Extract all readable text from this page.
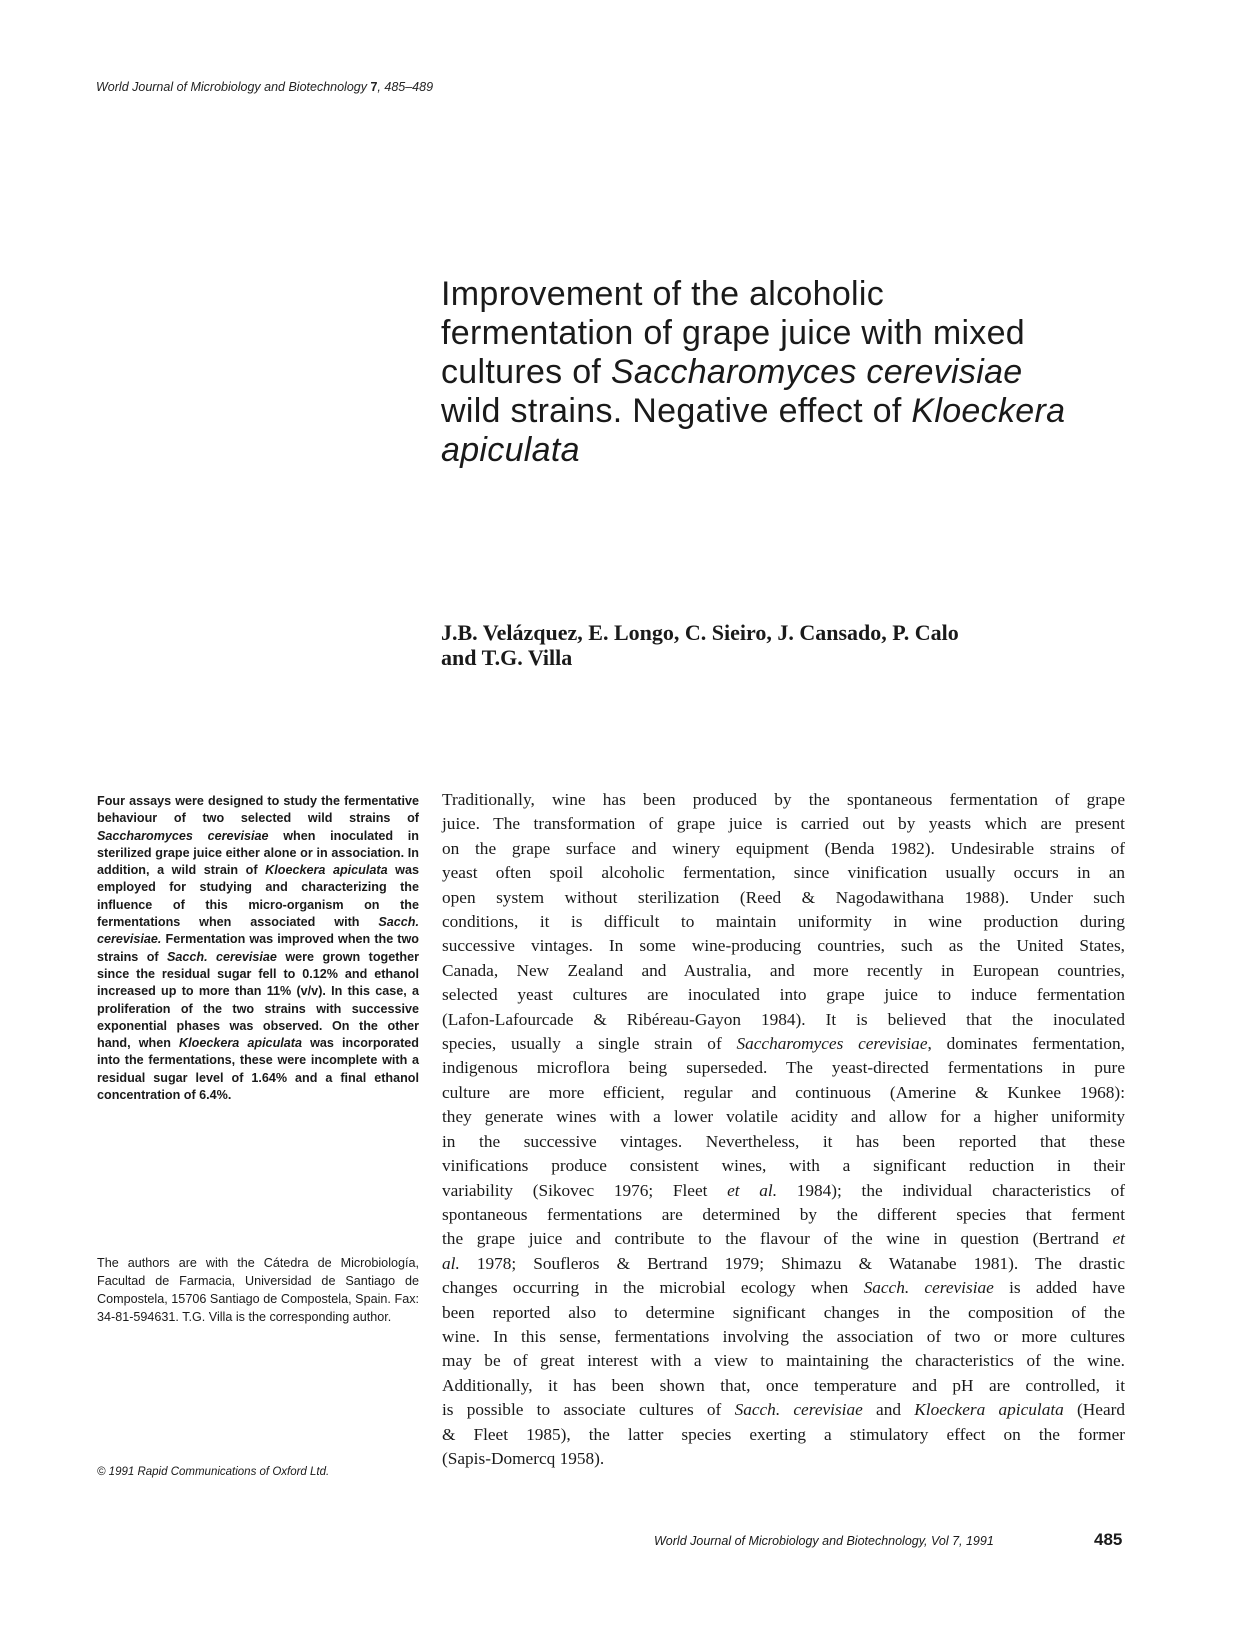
World Journal of Microbiology and Biotechnology 7, 485–489
Improvement of the alcoholic
fermentation of grape juice with mixed
cultures of Saccharomyces cerevisiae
wild strains. Negative effect of Kloeckera
apiculata
J.B. Velázquez, E. Longo, C. Sieiro, J. Cansado, P. Calo
and T.G. Villa
Four assays were designed to study the fermentative behaviour of two selected wild strains of Saccharomyces cerevisiae when inoculated in sterilized grape juice either alone or in association. In addition, a wild strain of Kloeckera apiculata was employed for studying and characterizing the influence of this micro-organism on the fermentations when associated with Sacch. cerevisiae. Fermentation was improved when the two strains of Sacch. cerevisiae were grown together since the residual sugar fell to 0.12% and ethanol increased up to more than 11% (v/v). In this case, a proliferation of the two strains with successive exponential phases was observed. On the other hand, when Kloeckera apiculata was incorporated into the fermentations, these were incomplete with a residual sugar level of 1.64% and a final ethanol concentration of 6.4%.
The authors are with the Cátedra de Microbiología, Facultad de Farmacia, Universidad de Santiago de Compostela, 15706 Santiago de Compostela, Spain. Fax: 34-81-594631. T.G. Villa is the corresponding author.
© 1991 Rapid Communications of Oxford Ltd.
Traditionally, wine has been produced by the spontaneous fermentation of grape
juice. The transformation of grape juice is carried out by yeasts which are present
on the grape surface and winery equipment (Benda 1982). Undesirable strains of
yeast often spoil alcoholic fermentation, since vinification usually occurs in an
open system without sterilization (Reed & Nagodawithana 1988). Under such
conditions, it is difficult to maintain uniformity in wine production during
successive vintages. In some wine-producing countries, such as the United States,
Canada, New Zealand and Australia, and more recently in European countries,
selected yeast cultures are inoculated into grape juice to induce fermentation
(Lafon-Lafourcade & Ribéreau-Gayon 1984). It is believed that the inoculated
species, usually a single strain of Saccharomyces cerevisiae, dominates fermentation,
indigenous microflora being superseded. The yeast-directed fermentations in pure
culture are more efficient, regular and continuous (Amerine & Kunkee 1968):
they generate wines with a lower volatile acidity and allow for a higher uniformity
in the successive vintages. Nevertheless, it has been reported that these
vinifications produce consistent wines, with a significant reduction in their
variability (Sikovec 1976; Fleet et al. 1984); the individual characteristics of
spontaneous fermentations are determined by the different species that ferment
the grape juice and contribute to the flavour of the wine in question (Bertrand et
al. 1978; Soufleros & Bertrand 1979; Shimazu & Watanabe 1981). The drastic
changes occurring in the microbial ecology when Sacch. cerevisiae is added have
been reported also to determine significant changes in the composition of the
wine. In this sense, fermentations involving the association of two or more cultures
may be of great interest with a view to maintaining the characteristics of the wine.
Additionally, it has been shown that, once temperature and pH are controlled, it
is possible to associate cultures of Sacch. cerevisiae and Kloeckera apiculata (Heard
& Fleet 1985), the latter species exerting a stimulatory effect on the former
(Sapis-Domercq 1958).
World Journal of Microbiology and Biotechnology, Vol 7, 1991	485
